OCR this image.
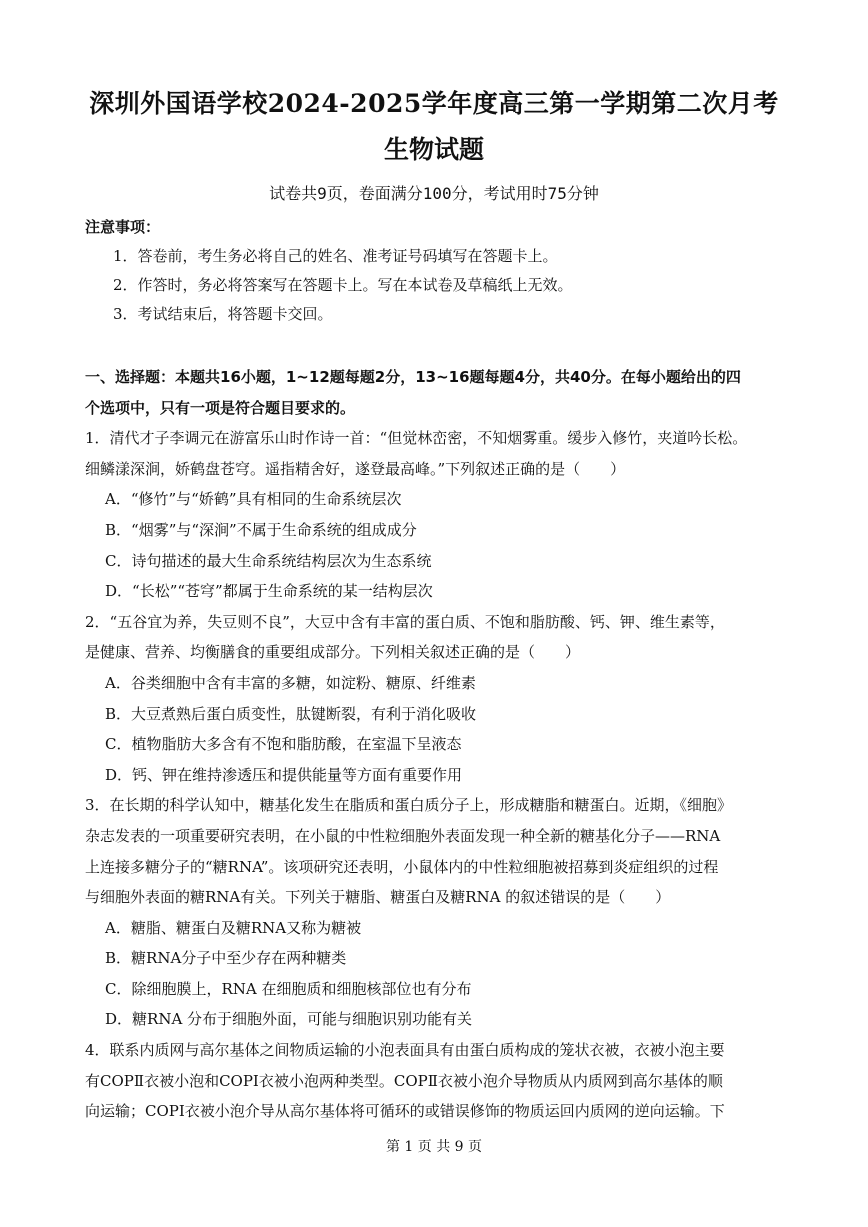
深圳外国语学校2024-2025学年度高三第一学期第二次月考
生物试题
试卷共9页，卷面满分100分，考试用时75分钟
注意事项：
1．答卷前，考生务必将自己的姓名、准考证号码填写在答题卡上。
2．作答时，务必将答案写在答题卡上。写在本试卷及草稿纸上无效。
3．考试结束后，将答题卡交回。
一、选择题：本题共16小题，1~12题每题2分，13~16题每题4分，共40分。在每小题给出的四
个选项中，只有一项是符合题目要求的。
1．清代才子李调元在游富乐山时作诗一首：“但觉林峦密，不知烟雾重。缓步入修竹，夹道吟长松。
细鳞漾深涧，娇鹤盘苍穹。遥指精舍好，遂登最高峰。”下列叙述正确的是（　　）
A．“修竹”与“娇鹤”具有相同的生命系统层次
B．“烟雾”与“深涧”不属于生命系统的组成成分
C．诗句描述的最大生命系统结构层次为生态系统
D．“长松”“苍穹”都属于生命系统的某一结构层次
2．“五谷宜为养，失豆则不良”，大豆中含有丰富的蛋白质、不饱和脂肪酸、钙、钾、维生素等，
是健康、营养、均衡膳食的重要组成部分。下列相关叙述正确的是（　　）
A．谷类细胞中含有丰富的多糖，如淀粉、糖原、纤维素
B．大豆煮熟后蛋白质变性，肽键断裂，有利于消化吸收
C．植物脂肪大多含有不饱和脂肪酸，在室温下呈液态
D．钙、钾在维持渗透压和提供能量等方面有重要作用
3．在长期的科学认知中，糖基化发生在脂质和蛋白质分子上，形成糖脂和糖蛋白。近期，《细胞》
杂志发表的一项重要研究表明，在小鼠的中性粒细胞外表面发现一种全新的糖基化分子——RNA
上连接多糖分子的“糖RNA”。该项研究还表明，小鼠体内的中性粒细胞被招募到炎症组织的过程
与细胞外表面的糖RNA有关。下列关于糖脂、糖蛋白及糖RNA 的叙述错误的是（　　）
A．糖脂、糖蛋白及糖RNA又称为糖被
B．糖RNA分子中至少存在两种糖类
C．除细胞膜上，RNA 在细胞质和细胞核部位也有分布
D．糖RNA 分布于细胞外面，可能与细胞识别功能有关
4．联系内质网与高尔基体之间物质运输的小泡表面具有由蛋白质构成的笼状衣被，衣被小泡主要
有COPⅡ衣被小泡和COPI衣被小泡两种类型。COPⅡ衣被小泡介导物质从内质网到高尔基体的顺
向运输；COPI衣被小泡介导从高尔基体将可循环的或错误修饰的物质运回内质网的逆向运输。下
第 1 页 共 9 页
